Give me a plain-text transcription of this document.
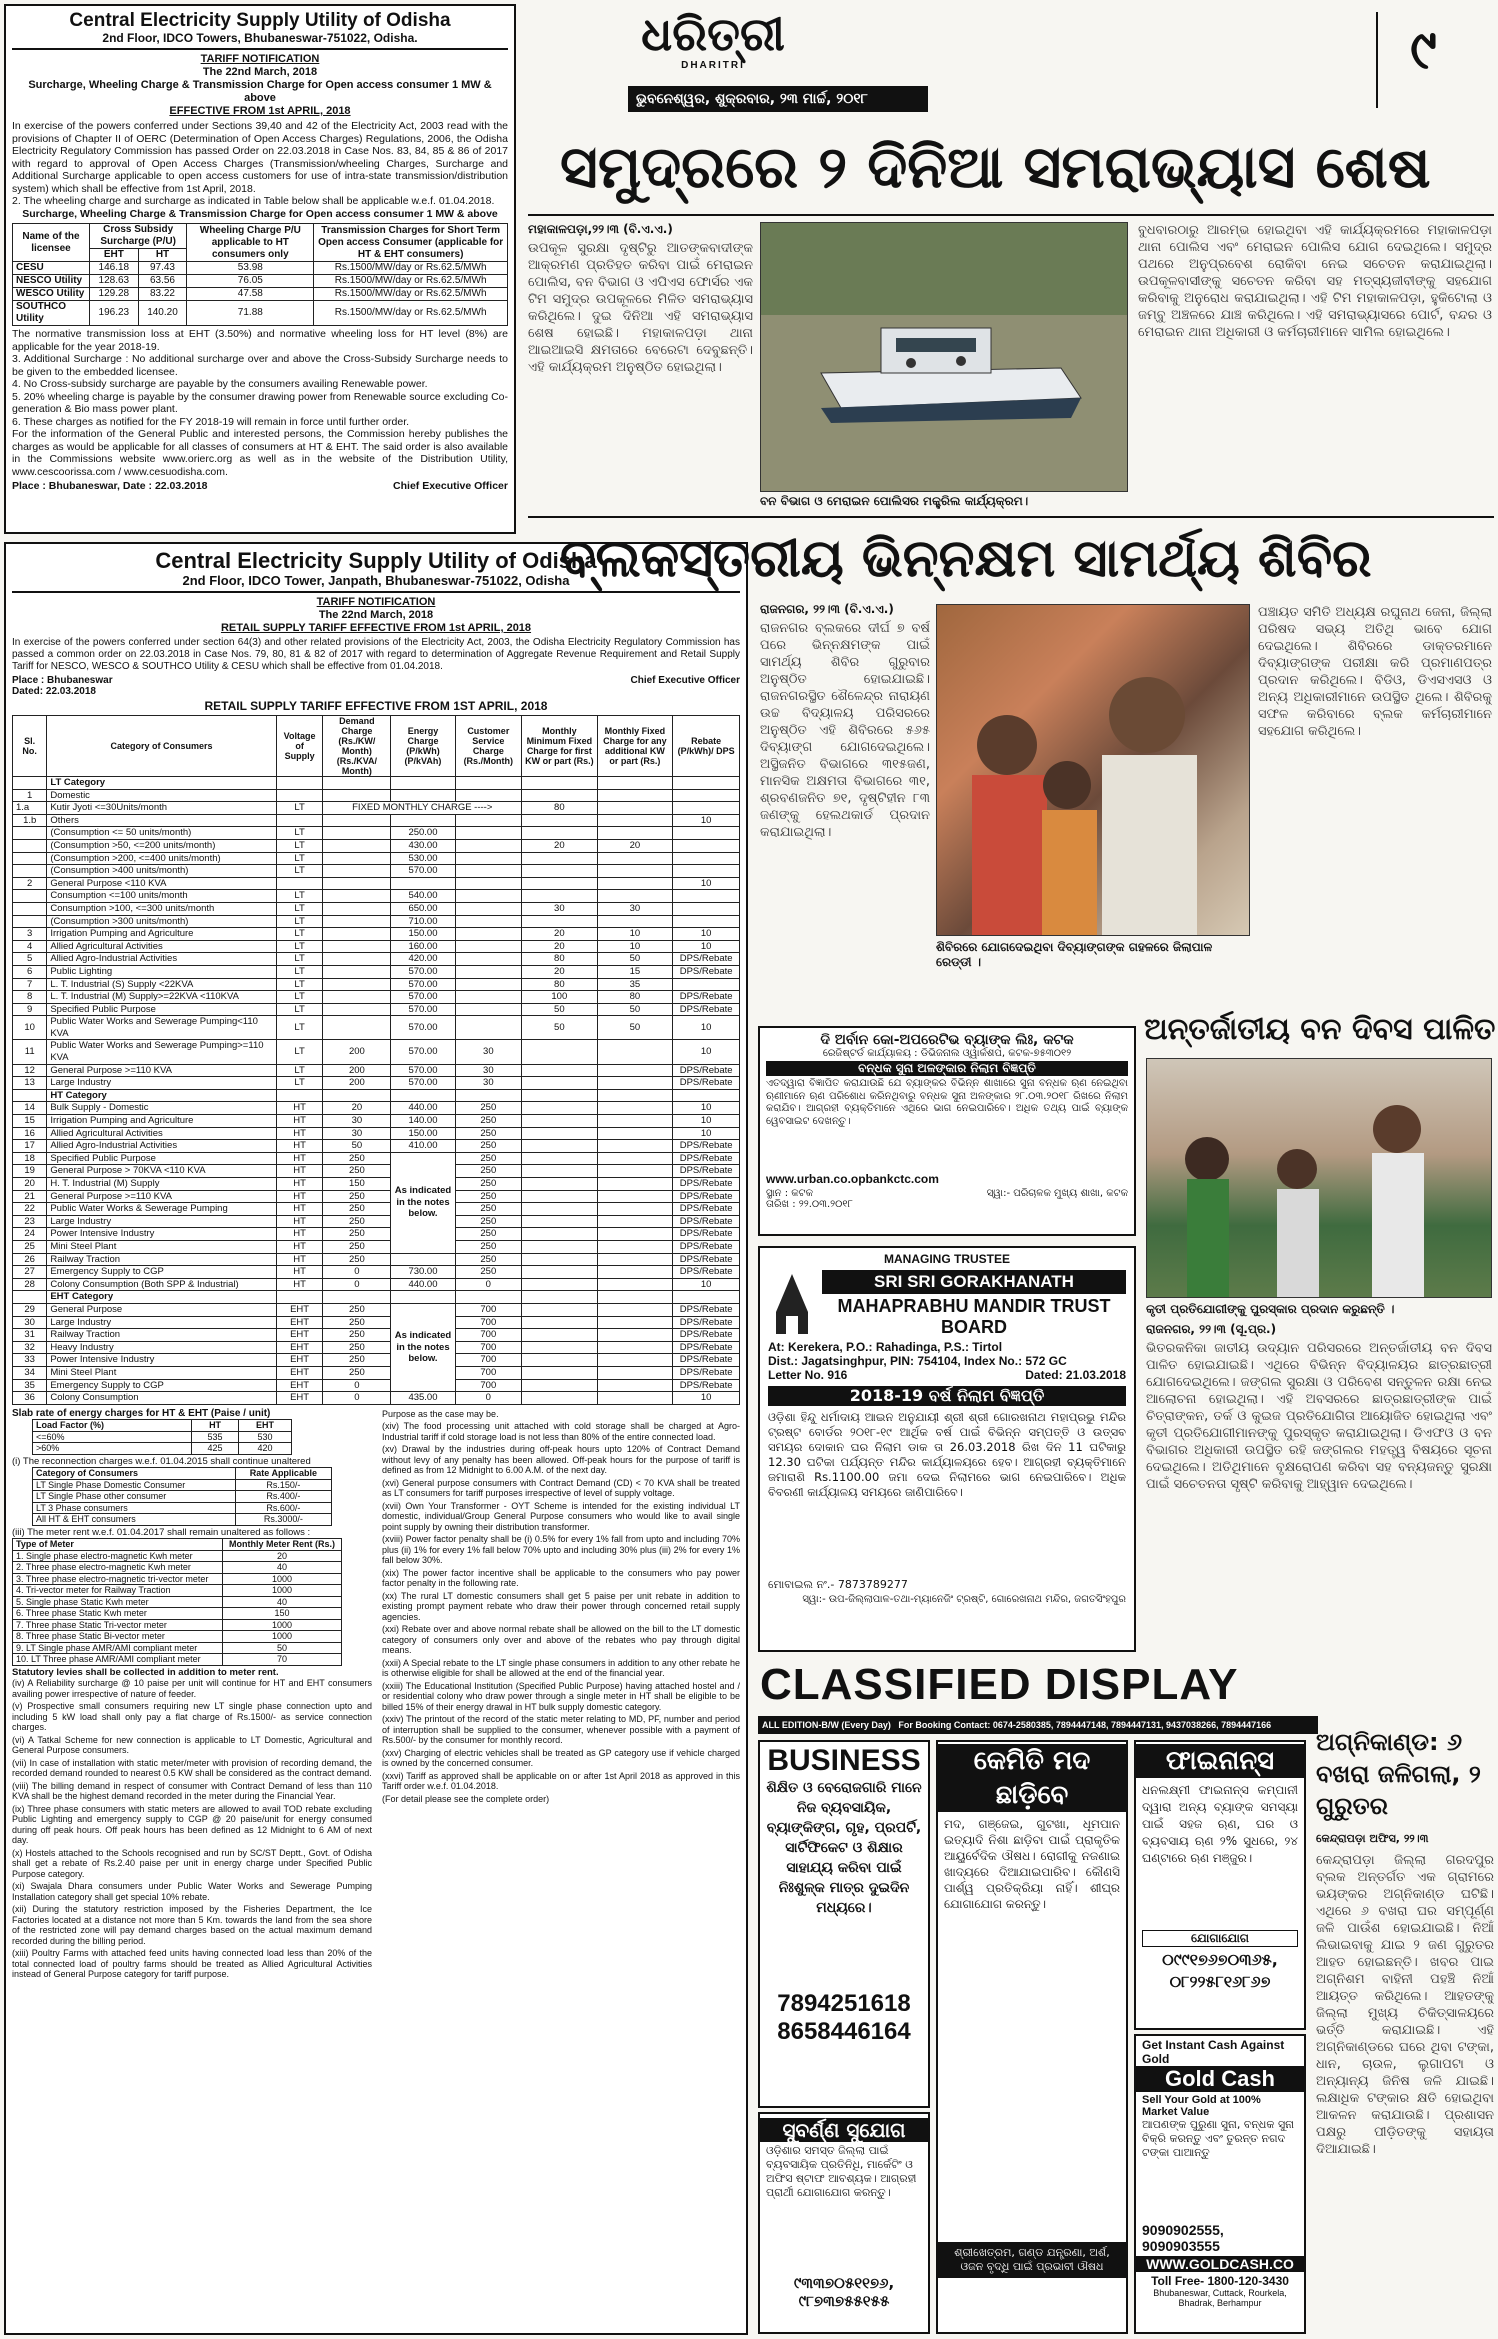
Central Electricity Supply Utility of Odisha
2nd Floor, IDCO Towers, Bhubaneswar-751022, Odisha.
TARIFF NOTIFICATION
The 22nd March, 2018
Surcharge, Wheeling Charge & Transmission Charge for Open access consumer 1 MW & above
EFFECTIVE FROM 1st APRIL, 2018
In exercise of the powers conferred under Sections 39,40 and 42 of the Electricity Act, 2003 read with the provisions of Chapter II of OERC (Determination of Open Access Charges) Regulations, 2006, the Odisha Electricity Regulatory Commission has passed Order on 22.03.2018 in Case Nos. 83, 84, 85 & 86 of 2017 with regard to approval of Open Access Charges (Transmission/wheeling Charges, Surcharge and Additional Surcharge applicable to open access customers for use of intra-state transmission/distribution system) which shall be effective from 1st April, 2018.
2. The wheeling charge and surcharge as indicated in Table below shall be applicable w.e.f. 01.04.2018.
Surcharge, Wheeling Charge & Transmission Charge for Open access consumer 1 MW & above
Name of the licensee	Cross Subsidy Surcharge (P/U)		Wheeling Charge P/U applicable to HT consumers only	Transmission Charges for Short Term Open access Consumer (applicable for HT & EHT consumers)
	EHT	HT		
CESU	146.18	97.43	53.98	Rs.1500/MW/day or Rs.62.5/MWh
NESCO Utility	128.63	63.56	76.05	Rs.1500/MW/day or Rs.62.5/MWh
WESCO Utility	129.28	83.22	47.58	Rs.1500/MW/day or Rs.62.5/MWh
SOUTHCO Utility	196.23	140.20	71.88	Rs.1500/MW/day or Rs.62.5/MWh
The normative transmission loss at EHT (3.50%) and normative wheeling loss for HT level (8%) are applicable for the year 2018-19.
3. Additional Surcharge : No additional surcharge over and above the Cross-Subsidy Surcharge needs to be given to the embedded licensee.
4. No Cross-subsidy surcharge are payable by the consumers availing Renewable power.
5. 20% wheeling charge is payable by the consumer drawing power from Renewable source excluding Co-generation & Bio mass power plant.
6. These charges as notified for the FY 2018-19 will remain in force until further order.
For the information of the General Public and interested persons, the Commission hereby publishes the charges as would be applicable for all classes of consumers at HT & EHT. The said order is also available in the Commissions website www.orierc.org as well as in the website of the Distribution Utility, www.cescoorissa.com / www.cesuodisha.com.
Place : Bhubaneswar, Date : 22.03.2018	Chief Executive Officer
Central Electricity Supply Utility of Odisha
2nd Floor, IDCO Tower, Janpath, Bhubaneswar-751022, Odisha
TARIFF NOTIFICATION
The 22nd March, 2018
RETAIL SUPPLY TARIFF EFFECTIVE FROM 1st APRIL, 2018
In exercise of the powers conferred under section 64(3) and other related provisions of the Electricity Act, 2003, the Odisha Electricity Regulatory Commission has passed a common order on 22.03.2018 in Case Nos. 79, 80, 81 & 82 of 2017 with regard to determination of Aggregate Revenue Requirement and Retail Supply Tariff for NESCO, WESCO & SOUTHCO Utility & CESU which shall be effective from 01.04.2018.
Place : Bhubaneswar
Dated: 22.03.2018
Chief Executive Officer
RETAIL SUPPLY TARIFF EFFECTIVE FROM 1ST APRIL, 2018
Sl. No.	Category of Consumers	Voltage of Supply	Demand Charge (Rs./KW/ Month) (Rs./KVA/ Month)	Energy Charge (P/kWh) (P/kVAh)	Customer Service Charge (Rs./Month)	Monthly Minimum Fixed Charge for first KW or part (Rs.)	Monthly Fixed Charge for any additional KW or part (Rs.)	Rebate (P/kWh)/ DPS
	LT Category							
1	Domestic							
1.a	Kutir Jyoti <=30Units/month	LT	FIXED MONTHLY CHARGE ---->			80		
1.b	Others							10
	(Consumption <= 50 units/month)	LT		250.00				
	(Consumption >50, <=200 units/month)	LT		430.00		20	20	
	(Consumption >200, <=400 units/month)	LT		530.00				
	(Consumption >400 units/month)	LT		570.00				
2	General Purpose <110 KVA							10
	Consumption <=100 units/month	LT		540.00				
	Consumption >100, <=300 units/month	LT		650.00		30	30	
	(Consumption >300 units/month)	LT		710.00				
3	Irrigation Pumping and Agriculture	LT		150.00		20	10	10
4	Allied Agricultural Activities	LT		160.00		20	10	10
5	Allied Agro-Industrial Activities	LT		420.00		80	50	DPS/Rebate
6	Public Lighting	LT		570.00		20	15	DPS/Rebate
7	L. T. Industrial (S) Supply <22KVA	LT		570.00		80	35	
8	L. T. Industrial (M) Supply>=22KVA <110KVA	LT		570.00		100	80	DPS/Rebate
9	Specified Public Purpose	LT		570.00		50	50	DPS/Rebate
10	Public Water Works and Sewerage Pumping<110 KVA	LT		570.00		50	50	10
11	Public Water Works and Sewerage Pumping>=110 KVA	LT	200	570.00	30			10
12	General Purpose >=110 KVA	LT	200	570.00	30			DPS/Rebate
13	Large Industry	LT	200	570.00	30			DPS/Rebate
	HT Category							
14	Bulk Supply - Domestic	HT	20	440.00	250			10
15	Irrigation Pumping and Agriculture	HT	30	140.00	250			10
16	Allied Agricultural Activities	HT	30	150.00	250			10
17	Allied Agro-Industrial Activities	HT	50	410.00	250			DPS/Rebate
18	Specified Public Purpose	HT	250	As indicated in the notes below.	250			DPS/Rebate
19	General Purpose > 70KVA <110 KVA	HT	250		250			DPS/Rebate
20	H. T. Industrial (M) Supply	HT	150		250			DPS/Rebate
21	General Purpose >=110 KVA	HT	250		250			DPS/Rebate
22	Public Water Works & Sewerage Pumping	HT	250		250			DPS/Rebate
23	Large Industry	HT	250		250			DPS/Rebate
24	Power Intensive Industry	HT	250		250			DPS/Rebate
25	Mini Steel Plant	HT	250		250			DPS/Rebate
26	Railway Traction	HT	250		250			DPS/Rebate
27	Emergency Supply to CGP	HT	0	730.00	250			DPS/Rebate
28	Colony Consumption (Both SPP & Industrial)	HT	0	440.00	0			10
	EHT Category							
29	General Purpose	EHT	250	As indicated in the notes below.	700			DPS/Rebate
30	Large Industry	EHT	250		700			DPS/Rebate
31	Railway Traction	EHT	250		700			DPS/Rebate
32	Heavy Industry	EHT	250		700			DPS/Rebate
33	Power Intensive Industry	EHT	250		700			DPS/Rebate
34	Mini Steel Plant	EHT	250		700			DPS/Rebate
35	Emergency Supply to CGP	EHT	0		700			DPS/Rebate
36	Colony Consumption	EHT	0	435.00	0			10
Slab rate of energy charges for HT & EHT (Paise / unit)
Load Factor (%)	HT	EHT
<=60%	535	530
>60%	425	420
(i) The reconnection charges w.e.f. 01.04.2015 shall continue unaltered
Category of Consumers	Rate Applicable
LT Single Phase Domestic Consumer	Rs.150/-
LT Single Phase other consumer	Rs.400/-
LT 3 Phase consumers	Rs.600/-
All HT & EHT consumers	Rs.3000/-
(iii) The meter rent w.e.f. 01.04.2017 shall remain unaltered as follows :
Type of Meter	Monthly Meter Rent (Rs.)
1. Single phase electro-magnetic Kwh meter	20
2. Three phase electro-magnetic Kwh meter	40
3. Three phase electro-magnetic tri-vector meter	1000
4. Tri-vector meter for Railway Traction	1000
5. Single phase Static Kwh meter	40
6. Three phase Static Kwh meter	150
7. Three phase Static Tri-vector meter	1000
8. Three phase Static Bi-vector meter	1000
9. LT Single phase AMR/AMI compliant meter	50
10. LT Three phase AMR/AMI compliant meter	70
Statutory levies shall be collected in addition to meter rent.
(iv) A Reliability surcharge @ 10 paise per unit will continue for HT and EHT consumers availing power irrespective of nature of feeder.
(v) Prospective small consumers requiring new LT single phase connection upto and including 5 kW load shall only pay a flat charge of Rs.1500/- as service connection charges.
(vi) A Tatkal Scheme for new connection is applicable to LT Domestic, Agricultural and General Purpose consumers.
(vii) In case of installation with static meter/meter with provision of recording demand, the recorded demand rounded to nearest 0.5 KW shall be considered as the contract demand.
(viii) The billing demand in respect of consumer with Contract Demand of less than 110 KVA shall be the highest demand recorded in the meter during the Financial Year.
(ix) Three phase consumers with static meters are allowed to avail TOD rebate excluding Public Lighting and emergency supply to CGP @ 20 paise/unit for energy consumed during off peak hours. Off peak hours has been defined as 12 Midnight to 6 AM of next day.
(x) Hostels attached to the Schools recognised and run by SC/ST Deptt., Govt. of Odisha shall get a rebate of Rs.2.40 paise per unit in energy charge under Specified Public Purpose category.
(xi) Swajala Dhara consumers under Public Water Works and Sewerage Pumping Installation category shall get special 10% rebate.
(xii) During the statutory restriction imposed by the Fisheries Department, the Ice Factories located at a distance not more than 5 Km. towards the land from the sea shore of the restricted zone will pay demand charges based on the actual maximum demand recorded during the billing period.
(xiii) Poultry Farms with attached feed units having connected load less than 20% of the total connected load of poultry farms should be treated as Allied Agricultural Activities instead of General Purpose category for tariff purpose.
Purpose as the case may be.
(xiv) The food processing unit attached with cold storage shall be charged at Agro-Industrial tariff if cold storage load is not less than 80% of the entire connected load.
(xv) Drawal by the industries during off-peak hours upto 120% of Contract Demand without levy of any penalty has been allowed. Off-peak hours for the purpose of tariff is defined as from 12 Midnight to 6.00 A.M. of the next day.
(xvi) General purpose consumers with Contract Demand (CD) < 70 KVA shall be treated as LT consumers for tariff purposes irrespective of level of supply voltage.
(xvii) Own Your Transformer - OYT Scheme is intended for the existing individual LT domestic, individual/Group General Purpose consumers who would like to avail single point supply by owning their distribution transformer.
(xviii) Power factor penalty shall be (i) 0.5% for every 1% fall from upto and including 70% plus (ii) 1% for every 1% fall below 70% upto and including 30% plus (iii) 2% for every 1% fall below 30%.
(xix) The power factor incentive shall be applicable to the consumers who pay power factor penalty in the following rate.
(xx) The rural LT domestic consumers shall get 5 paise per unit rebate in addition to existing prompt payment rebate who draw their power through concerned retail supply agencies.
(xxi) Rebate over and above normal rebate shall be allowed on the bill to the LT domestic category of consumers only over and above of the rebates who pay through digital means.
(xxii) A Special rebate to the LT single phase consumers in addition to any other rebate he is otherwise eligible for shall be allowed at the end of the financial year.
(xxiii) The Educational Institution (Specified Public Purpose) having attached hostel and / or residential colony who draw power through a single meter in HT shall be eligible to be billed 15% of their energy drawal in HT bulk supply domestic category.
(xxiv) The printout of the record of the static meter relating to MD, PF, number and period of interruption shall be supplied to the consumer, whenever possible with a payment of Rs.500/- by the consumer for monthly record.
(xxv) Charging of electric vehicles shall be treated as GP category use if vehicle charged is owned by the concerned consumer.
(xxvi) Tariff as approved shall be applicable on or after 1st April 2018 as approved in this Tariff order w.e.f. 01.04.2018.
(For detail please see the complete order)
ଧରିତ୍ରୀ
DHARITRI
ଭୁବନେଶ୍ୱର, ଶୁକ୍ରବାର, ୨୩ ମାର୍ଚ୍ଚ, ୨୦୧୮
୯
ସମୁଦ୍ରରେ ୨ ଦିନିଆ ସମରାଭ୍ୟାସ ଶେଷ
ମହାକାଳପଡ଼ା,୨୨।୩ (ବି.ଏ.ଏ.)
ଉପକୂଳ ସୁରକ୍ଷା ଦୃଷ୍ଟିରୁ ଆତଙ୍କବାଦୀଙ୍କ ଆକ୍ରମଣ ପ୍ରତିହତ କରିବା ପାଇଁ ମେରାଇନ ପୋଲିସ, ବନ ବିଭାଗ ଓ ଏପିଏସ ଫୋର୍ସର ଏକ ଟିମ ସମୁଦ୍ର ଉପକୂଳରେ ମିଳିତ ସମରାଭ୍ୟାସ କରିଥିଲେ। ଦୁଇ ଦିନିଆ ଏହି ସମରାଭ୍ୟାସ ଶେଷ ହୋଇଛି। ମହାକାଳପଡ଼ା ଥାନା ଆଇଆଇସି କ୍ଷମତାରେ ବେରେଟା ଦେବୁଛନ୍ତି। ଏହି କାର୍ଯ୍ୟକ୍ରମ ଅନୁଷ୍ଠିତ ହୋଇଥିଲା।
ବୁଧବାରଠାରୁ ଆରମ୍ଭ ହୋଇଥିବା ଏହି କାର୍ଯ୍ୟକ୍ରମରେ ମହାକାଳପଡ଼ା ଥାନା ପୋଲିସ ଏବଂ ମେରାଇନ ପୋଲିସ ଯୋଗ ଦେଇଥିଲେ। ସମୁଦ୍ର ପଥରେ ଅନୁପ୍ରବେଶ ରୋକିବା ନେଇ ସଚେତନ କରାଯାଇଥିଲା। ଉପକୂଳବାସୀଙ୍କୁ ସଚେତନ କରିବା ସହ ମତ୍ସ୍ୟଜୀବୀଙ୍କୁ ସହଯୋଗ କରିବାକୁ ଅନୁରୋଧ କରାଯାଇଥିଲା। ଏହି ଟିମ ମହାକାଳପଡ଼ା, ହୁକିଟୋଲା ଓ ଜମ୍ବୁ ଅଞ୍ଚଳରେ ଯାଞ୍ଚ କରିଥିଲେ। ଏହି ସମରାଭ୍ୟାସରେ ପୋର୍ଟ, ବନ୍ଦର ଓ ମେରାଇନ ଥାନା ଅଧିକାରୀ ଓ କର୍ମଚାରୀମାନେ ସାମିଲ ହୋଇଥିଲେ।
ବନ ବିଭାଗ ଓ ମେରାଇନ ପୋଲିସର ମକ୍ଡ୍ରିଲ କାର୍ଯ୍ୟକ୍ରମ।
ବ୍ଲକସ୍ତରୀୟ ଭିନ୍ନକ୍ଷମ ସାମର୍ଥ୍ୟ ଶିବିର
ରାଜନଗର, ୨୨।୩ (ବି.ଏ.ଏ.)
ରାଜନଗର ବ୍ଲକରେ ଦୀର୍ଘ ୭ ବର୍ଷ ପରେ ଭିନ୍ନକ୍ଷମଙ୍କ ପାଇଁ ସାମର୍ଥ୍ୟ ଶିବିର ଗୁରୁବାର ଅନୁଷ୍ଠିତ ହୋଇଯାଇଛି। ରାଜନଗରସ୍ଥିତ ଶୈଳେନ୍ଦ୍ର ନାରାୟଣ ଉଚ୍ଚ ବିଦ୍ୟାଳୟ ପରିସରରେ ଅନୁଷ୍ଠିତ ଏହି ଶିବିରରେ ୫୬୫ ଦିବ୍ୟାଙ୍ଗ ଯୋଗଦେଇଥିଲେ। ଅସ୍ଥିଜନିତ ବିଭାଗରେ ୩୧୫ଜଣ, ମାନସିକ ଅକ୍ଷମତା ବିଭାଗରେ ୩୧, ଶ୍ରବଣଜନିତ ୭୧, ଦୃଷ୍ଟିହୀନ ୮୩ ଜଣଙ୍କୁ ହେଲଥକାର୍ଡ ପ୍ରଦାନ କରାଯାଇଥିଲା।
ପଞ୍ଚାୟତ ସମିତି ଅଧ୍ୟକ୍ଷ ରଘୁନାଥ ଜେନା, ଜିଲ୍ଲା ପରିଷଦ ସଭ୍ୟ ଅତିଥି ଭାବେ ଯୋଗ ଦେଇଥିଲେ। ଶିବିରରେ ଡାକ୍ତରମାନେ ଦିବ୍ୟାଙ୍ଗଙ୍କ ପରୀକ୍ଷା କରି ପ୍ରମାଣପତ୍ର ପ୍ରଦାନ କରିଥିଲେ। ବିଡିଓ, ଡିଏସଏସଓ ଓ ଅନ୍ୟ ଅଧିକାରୀମାନେ ଉପସ୍ଥିତ ଥିଲେ। ଶିବିରକୁ ସଫଳ କରିବାରେ ବ୍ଲକ କର୍ମଚାରୀମାନେ ସହଯୋଗ କରିଥିଲେ।
ଶିବିରରେ ଯୋଗଦେଇଥିବା ଦିବ୍ୟାଙ୍ଗଙ୍କ ଗହଳରେ ଜିଲାପାଳ ରେଡ୍ଡୀ ।
ଦି ଅର୍ବାନ କୋ-ଅପରେଟିଭ ବ୍ୟାଙ୍କ ଲିଃ, କଟକ
ରେଜିଷ୍ଟର୍ଡ କାର୍ଯ୍ୟାଳୟ : ଡିଭିଜନାଲ ଓ୍ୱାର୍କଶପ, କଟକ-୭୫୩୦୧୨
ବନ୍ଧକ ସୁନା ଅଳଙ୍କାର ନିଲାମ ବିଜ୍ଞପ୍ତି
ଏତଦ୍ୱାରା ବିଜ୍ଞାପିତ କରାଯାଉଛି ଯେ ବ୍ୟାଙ୍କର ବିଭିନ୍ନ ଶାଖାରେ ସୁନା ବନ୍ଧକ ଋଣ ନେଇଥିବା ଋଣୀମାନେ ଋଣ ପରିଶୋଧ କରିନଥିବାରୁ ବନ୍ଧକ ସୁନା ଅଳଙ୍କାର ୨୮.୦୩.୨୦୧୮ ରିଖରେ ନିଲାମ କରାଯିବ। ଆଗ୍ରହୀ ବ୍ୟକ୍ତିମାନେ ଏଥିରେ ଭାଗ ନେଇପାରିବେ। ଅଧିକ ତଥ୍ୟ ପାଇଁ ବ୍ୟାଙ୍କ ୱେବସାଇଟ ଦେଖନ୍ତୁ।
www.urban.co.opbankctc.com
ସ୍ଥାନ : କଟକ
ତାରିଖ : ୨୨.୦୩.୨୦୧୮
ସ୍ୱା:- ପରିଚାଳକ ମୁଖ୍ୟ ଶାଖା, କଟକ
ଅନ୍ତର୍ଜାତୀୟ ବନ ଦିବସ ପାଳିତ
କୃତୀ ପ୍ରତିଯୋଗୀଙ୍କୁ ପୁରସ୍କାର ପ୍ରଦାନ କରୁଛନ୍ତି ।
ରାଜନଗର, ୨୨।୩ (ସୂ.ପ୍ର.)
ଭିତରକନିକା ଜାତୀୟ ଉଦ୍ୟାନ ପରିସରରେ ଅନ୍ତର୍ଜାତୀୟ ବନ ଦିବସ ପାଳିତ ହୋଇଯାଇଛି। ଏଥିରେ ବିଭିନ୍ନ ବିଦ୍ୟାଳୟର ଛାତ୍ରଛାତ୍ରୀ ଯୋଗଦେଇଥିଲେ। ଜଙ୍ଗଲ ସୁରକ୍ଷା ଓ ପରିବେଶ ସନ୍ତୁଳନ ରକ୍ଷା ନେଇ ଆଲୋଚନା ହୋଇଥିଲା। ଏହି ଅବସରରେ ଛାତ୍ରଛାତ୍ରୀଙ୍କ ପାଇଁ ଚିତ୍ରାଙ୍କନ, ତର୍କ ଓ କୁଇଜ ପ୍ରତିଯୋଗିତା ଆୟୋଜିତ ହୋଇଥିଲା ଏବଂ କୃତୀ ପ୍ରତିଯୋଗୀମାନଙ୍କୁ ପୁରସ୍କୃତ କରାଯାଇଥିଲା। ଡିଏଫଓ ଓ ବନ ବିଭାଗର ଅଧିକାରୀ ଉପସ୍ଥିତ ରହି ଜଙ୍ଗଲର ମହତ୍ତ୍ୱ ବିଷୟରେ ସୂଚନା ଦେଇଥିଲେ। ଅତିଥିମାନେ ବୃକ୍ଷରୋପଣ କରିବା ସହ ବନ୍ୟଜନ୍ତୁ ସୁରକ୍ଷା ପାଇଁ ସଚେତନତା ସୃଷ୍ଟି କରିବାକୁ ଆହ୍ୱାନ ଦେଇଥିଲେ।
MANAGING TRUSTEE
SRI SRI GORAKHANATH
MAHAPRABHU MANDIR TRUST BOARD
At: Kerekera, P.O.: Rahadinga, P.S.: Tirtol
Dist.: Jagatsinghpur, PIN: 754104, Index No.: 572 GC
Letter No. 916	Dated: 21.03.2018
2018-19 ବର୍ଷ ନିଲାମ ବିଜ୍ଞପ୍ତି
ଓଡ଼ିଶା ହିନ୍ଦୁ ଧର୍ମାଦାୟ ଆଇନ ଅନୁଯାୟୀ ଶ୍ରୀ ଶ୍ରୀ ଗୋରଖନାଥ ମହାପ୍ରଭୁ ମନ୍ଦିର ଟ୍ରଷ୍ଟ ବୋର୍ଡର ୨୦୧୮-୧୯ ଆର୍ଥିକ ବର୍ଷ ପାଇଁ ବିଭିନ୍ନ ସମ୍ପତ୍ତି ଓ ଉତ୍ସବ ସମୟର ଦୋକାନ ଘର ନିଲାମ ଡାକ ତା 26.03.2018 ରିଖ ଦିନ 11 ଘଟିକାରୁ 12.30 ଘଟିକା ପର୍ଯ୍ୟନ୍ତ ମନ୍ଦିର କାର୍ଯ୍ୟାଳୟରେ ହେବ। ଆଗ୍ରହୀ ବ୍ୟକ୍ତିମାନେ ଜମାରାଶି Rs.1100.00 ଜମା ଦେଇ ନିଲାମରେ ଭାଗ ନେଇପାରିବେ। ଅଧିକ ବିବରଣୀ କାର୍ଯ୍ୟାଳୟ ସମୟରେ ଜାଣିପାରିବେ।
ମୋବାଇଲ ନଂ.- 7873789277
ସ୍ୱା:- ଉପ-ଜିଲ୍ଲାପାଳ-ତଥା-ମ୍ୟାନେଜିଂ ଟ୍ରଷ୍ଟି, ଗୋରେଖନାଥ ମନ୍ଦିର, ଜଗତସିଂହପୁର
CLASSIFIED DISPLAY
ALL EDITION-B/W (Every Day) For Booking Contact: 0674-2580385, 7894447148, 7894447131, 9437038266, 7894447166
BUSINESS
ଶିକ୍ଷିତ ଓ ବେରୋଜଗାରି ମାନେ ନିଜ ବ୍ୟବସାୟିକ, ବ୍ୟାଙ୍କିଙ୍ଗ, ଗୃହ, ପ୍ରପର୍ଟି, ସାର୍ଟିଫିକେଟ ଓ ଶିକ୍ଷାର ସାହାଯ୍ୟ କରିବା ପାଇଁ ନିଃଶୁଳ୍କ ମାତ୍ର ଦୁଇଦିନ ମଧ୍ୟରେ।
7894251618
8658446164
ସୁବର୍ଣ୍ଣ ସୁଯୋଗ
ଓଡ଼ିଶାର ସମସ୍ତ ଜିଲ୍ଲା ପାଇଁ ବ୍ୟବସାୟିକ ପ୍ରତିନିଧି, ମାର୍କେଟିଂ ଓ ଅଫିସ ଷ୍ଟାଫ ଆବଶ୍ୟକ। ଆଗ୍ରହୀ ପ୍ରାର୍ଥୀ ଯୋଗାଯୋଗ କରନ୍ତୁ।
୯୩୩୭୦୫୧୧୭୬, ୯୮୭୩୭୫୫୧୫୫
କେମିତି ମଦ ଛାଡ଼ିବେ
ମଦ, ଗଞ୍ଜେଇ, ଗୁଟଖା, ଧୂମପାନ ଇତ୍ୟାଦି ନିଶା ଛାଡ଼ିବା ପାଇଁ ପ୍ରାକୃତିକ ଆୟୁର୍ବେଦିକ ଔଷଧ। ରୋଗୀକୁ ନଜଣାଇ ଖାଦ୍ୟରେ ଦିଆଯାଇପାରିବ। କୌଣସି ପାର୍ଶ୍ୱ ପ୍ରତିକ୍ରିୟା ନାହିଁ। ଶୀଘ୍ର ଯୋଗାଯୋଗ କରନ୍ତୁ।
ଶ୍ରୀଖେତ୍ରମ, ଗଣ୍ଡ ଯନ୍ତ୍ରଣା, ଅର୍ଶ, ଓଜନ ବୃଦ୍ଧି ପାଇଁ ପ୍ରଭାବୀ ଔଷଧ
ଫାଇନାନ୍ସ
ଧନଲକ୍ଷ୍ମୀ ଫାଇନାନ୍ସ କମ୍ପାନୀ ଦ୍ୱାରା ଅନ୍ୟ ବ୍ୟାଙ୍କ ସମସ୍ୟା ପାଇଁ ସହଜ ଋଣ, ଘର ଓ ବ୍ୟବସାୟ ଋଣ ୨% ସୁଧରେ, ୨୪ ଘଣ୍ଟାରେ ଋଣ ମଞ୍ଜୁର।
ଯୋଗାଯୋଗ
୦୯୯୧୭୬୭୦୩୬୫, ୦୮୨୨୫୮୧୬୮୬୭
Get Instant Cash Against Gold
Gold Cash
Sell Your Gold at 100% Market Value
ଆପଣଙ୍କ ପୁରୁଣା ସୁନା, ବନ୍ଧକ ସୁନା ବିକ୍ରି କରନ୍ତୁ ଏବଂ ତୁରନ୍ତ ନଗଦ ଟଙ୍କା ପାଆନ୍ତୁ
9090902555, 9090903555
WWW.GOLDCASH.CO
Toll Free- 1800-120-3430
Bhubaneswar, Cuttack, Rourkela, Bhadrak, Berhampur
ଅଗ୍ନିକାଣ୍ଡ: ୬ ବଖରା ଜଳିଗଲା, ୨ ଗୁରୁତର
କେନ୍ଦ୍ରାପଡ଼ା ଅଫିସ, ୨୨।୩
କେନ୍ଦ୍ରାପଡ଼ା ଜିଲ୍ଲା ଗରଦପୁର ବ୍ଲକ ଅନ୍ତର୍ଗତ ଏକ ଗ୍ରାମରେ ଭୟଙ୍କର ଅଗ୍ନିକାଣ୍ଡ ଘଟିଛି। ଏଥିରେ ୬ ବଖରା ଘର ସମ୍ପୂର୍ଣ୍ଣ ଜଳି ପାଉଁଶ ହୋଇଯାଇଛି। ନିଆଁ ଲିଭାଇବାକୁ ଯାଇ ୨ ଜଣ ଗୁରୁତର ଆହତ ହୋଇଛନ୍ତି। ଖବର ପାଇ ଅଗ୍ନିଶମ ବାହିନୀ ପହଞ୍ଚି ନିଆଁ ଆୟତ୍ତ କରିଥିଲେ। ଆହତଙ୍କୁ ଜିଲ୍ଲା ମୁଖ୍ୟ ଚିକିତ୍ସାଳୟରେ ଭର୍ତ୍ତି କରାଯାଇଛି। ଏହି ଅଗ୍ନିକାଣ୍ଡରେ ଘରେ ଥିବା ଟଙ୍କା, ଧାନ, ଚାଉଳ, ଲୁଗାପଟା ଓ ଅନ୍ୟାନ୍ୟ ଜିନିଷ ଜଳି ଯାଇଛି। ଲକ୍ଷାଧିକ ଟଙ୍କାର କ୍ଷତି ହୋଇଥିବା ଆକଳନ କରାଯାଉଛି। ପ୍ରଶାସନ ପକ୍ଷରୁ ପୀଡ଼ିତଙ୍କୁ ସହାୟତା ଦିଆଯାଇଛି।
